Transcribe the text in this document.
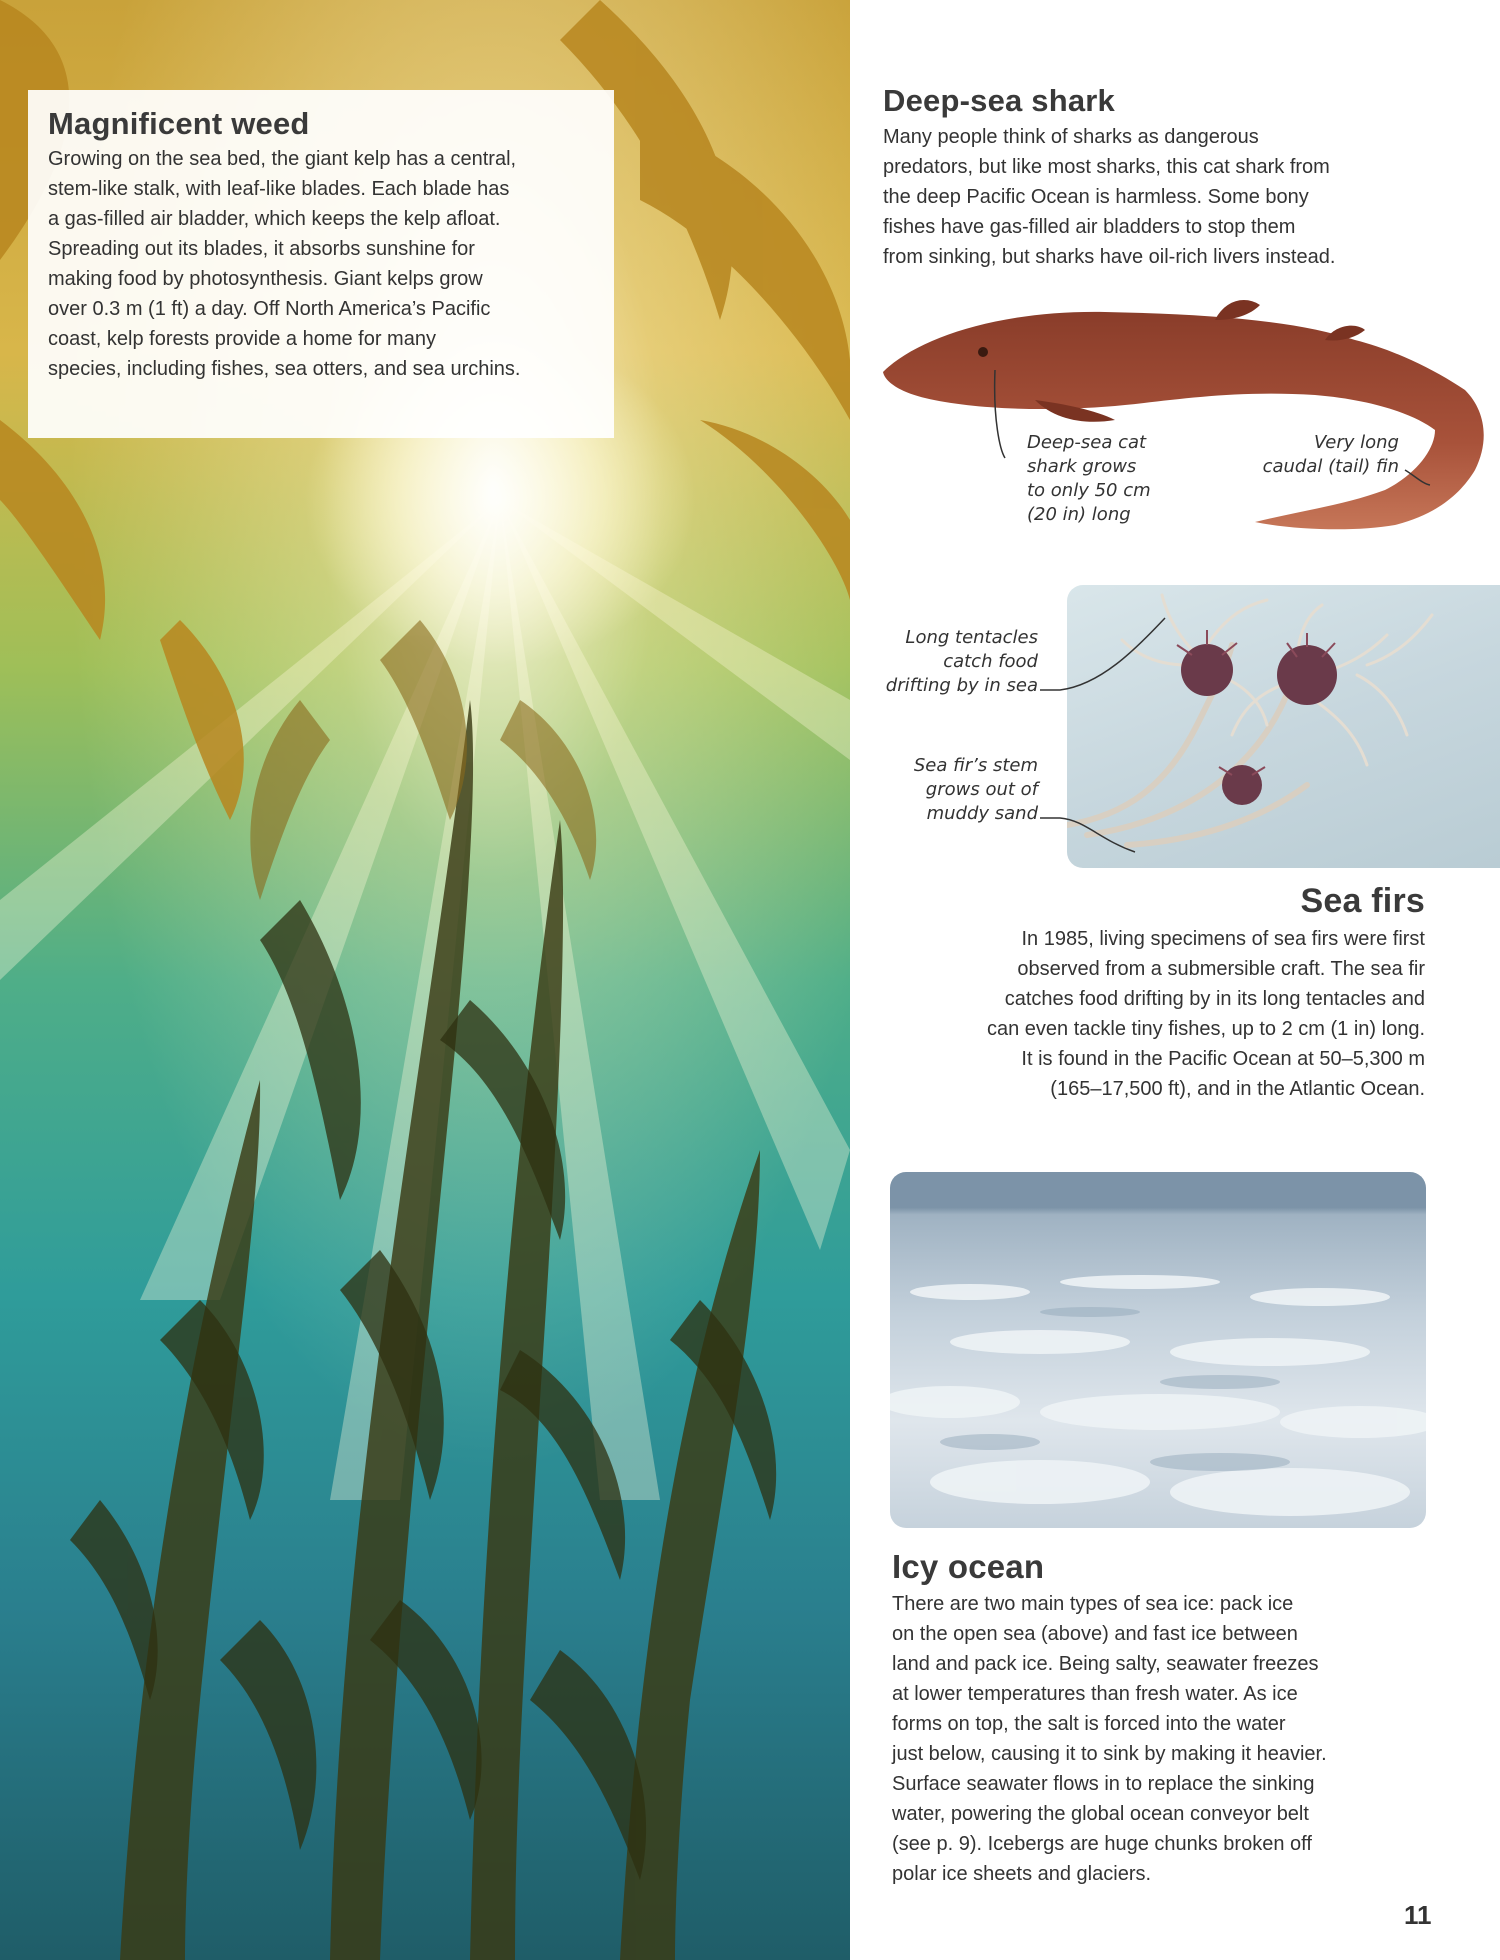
Magnificent weed

Growing on the sea bed, the giant kelp has a central,
stem-like stalk, with leaf-like blades. Each blade has
a gas-filled air bladder, which keeps the kelp afloat.
Spreading out its blades, it absorbs sunshine for
making food by photosynthesis. Giant kelps grow
over 0.3 m (1 ft) a day. Off North America’s Pacific
coast, kelp forests provide a home for many
species, including fishes, sea otters, and sea urchins.

Deep-sea shark

Many people think of sharks as dangerous
predators, but like most sharks, this cat shark from
the deep Pacific Ocean is harmless. Some bony
fishes have gas-filled air bladders to stop them
from sinking, but sharks have oil-rich livers instead.

Deep-sea cat
shark grows
to only 50 cm
(20 in) long
Very long
caudal (tail) fin
Long tentacles
catch food
drifting by in sea
Sea fir’s stem
grows out of
muddy sand
Sea firs

In 1985, living specimens of sea firs were first
observed from a submersible craft. The sea fir
catches food drifting by in its long tentacles and
can even tackle tiny fishes, up to 2 cm (1 in) long.
It is found in the Pacific Ocean at 50–5,300 m
(165–17,500 ft), and in the Atlantic Ocean.

Icy ocean

There are two main types of sea ice: pack ice
on the open sea (above) and fast ice between
land and pack ice. Being salty, seawater freezes
at lower temperatures than fresh water. As ice
forms on top, the salt is forced into the water
just below, causing it to sink by making it heavier.
Surface seawater flows in to replace the sinking
water, powering the global ocean conveyor belt
(see p. 9). Icebergs are huge chunks broken off
polar ice sheets and glaciers.

11
